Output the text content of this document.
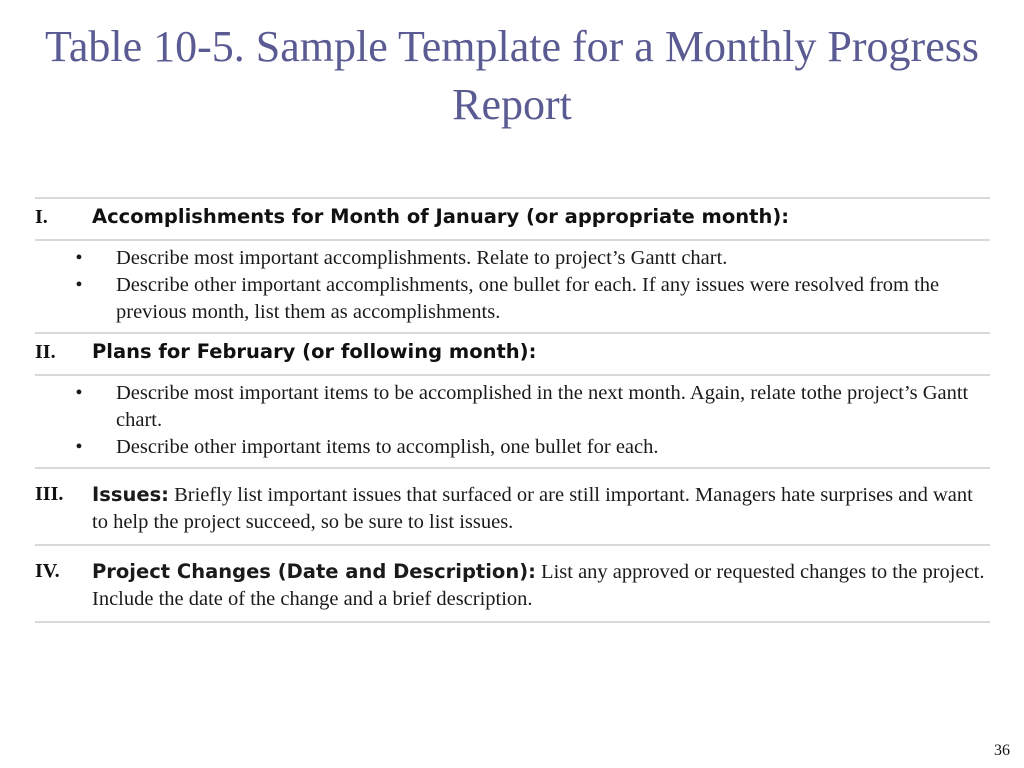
Table 10-5. Sample Template for a Monthly Progress Report
I.	Accomplishments for Month of January (or appropriate month):
•	Describe most important accomplishments. Relate to project’s Gantt chart.
•	Describe other important accomplishments, one bullet for each. If any issues were resolved from the previous month, list them as accomplishments.
II.	Plans for February (or following month):
•	Describe most important items to be accomplished in the next month. Again, relate tothe project’s Gantt chart.
•	Describe other important items to accomplish, one bullet for each.
III.	Issues: Briefly list important issues that surfaced or are still important. Managers hate surprises and want to help the project succeed, so be sure to list issues.
IV.	Project Changes (Date and Description): List any approved or requested changes to the project. Include the date of the change and a brief description.
36
